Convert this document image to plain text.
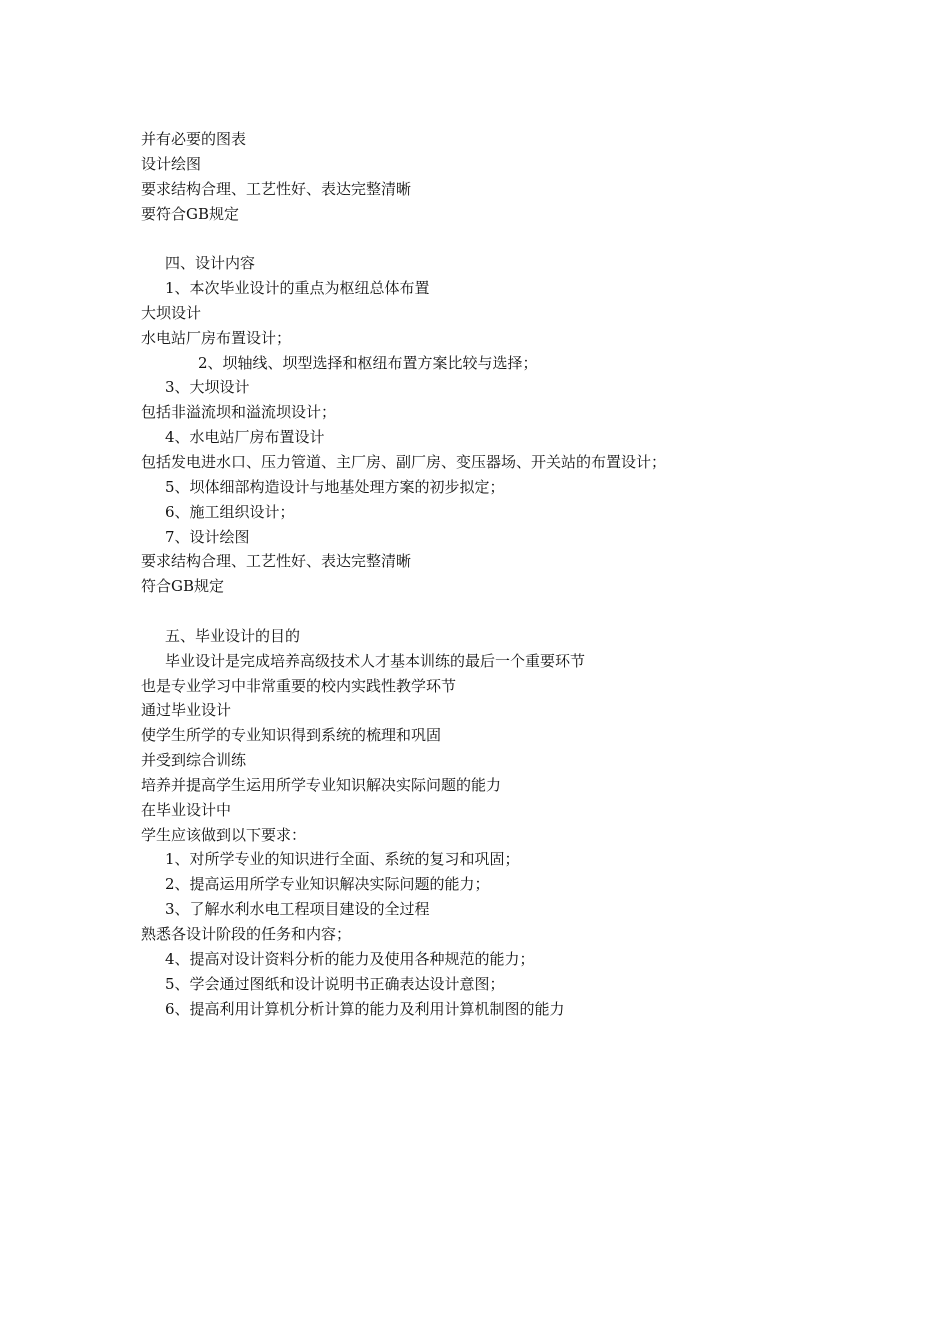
并有必要的图表
设计绘图
要求结构合理、工艺性好、表达完整清晰
要符合GB规定
四、设计内容
1、本次毕业设计的重点为枢纽总体布置
大坝设计
水电站厂房布置设计；
2、坝轴线、坝型选择和枢纽布置方案比较与选择；
3、大坝设计
包括非溢流坝和溢流坝设计；
4、水电站厂房布置设计
包括发电进水口、压力管道、主厂房、副厂房、变压器场、开关站的布置设计；
5、坝体细部构造设计与地基处理方案的初步拟定；
6、施工组织设计；
7、设计绘图
要求结构合理、工艺性好、表达完整清晰
符合GB规定
五、毕业设计的目的
毕业设计是完成培养高级技术人才基本训练的最后一个重要环节
也是专业学习中非常重要的校内实践性教学环节
通过毕业设计
使学生所学的专业知识得到系统的梳理和巩固
并受到综合训练
培养并提高学生运用所学专业知识解决实际问题的能力
在毕业设计中
学生应该做到以下要求：
1、对所学专业的知识进行全面、系统的复习和巩固；
2、提高运用所学专业知识解决实际问题的能力；
3、了解水利水电工程项目建设的全过程
熟悉各设计阶段的任务和内容；
4、提高对设计资料分析的能力及使用各种规范的能力；
5、学会通过图纸和设计说明书正确表达设计意图；
6、提高利用计算机分析计算的能力及利用计算机制图的能力
